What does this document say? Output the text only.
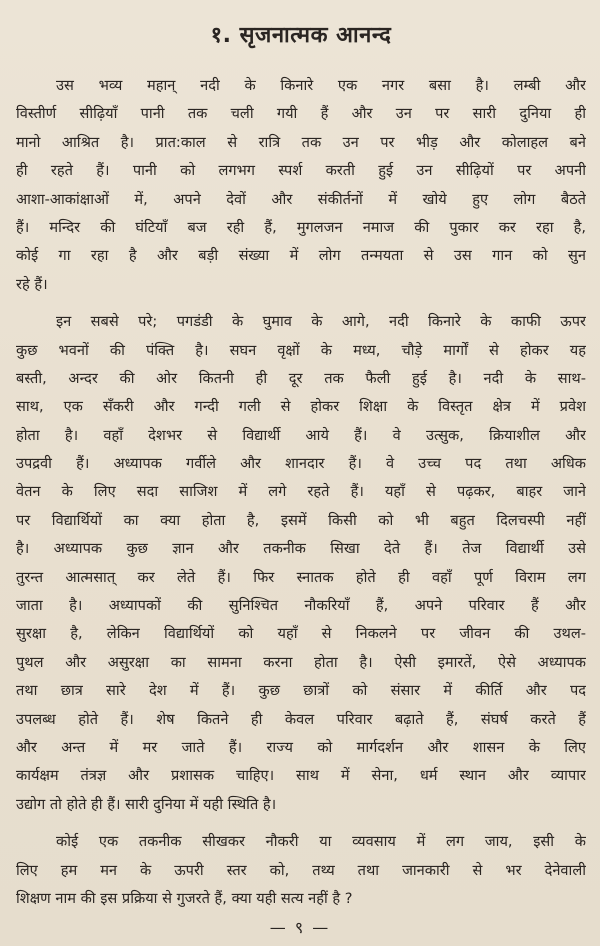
१. सृजनात्मक आनन्द
उस भव्य महान् नदी के किनारे एक नगर बसा है। लम्बी और
विस्तीर्ण सीढ़ियाँ पानी तक चली गयी हैं और उन पर सारी दुनिया ही
मानो आश्रित है। प्रात:काल से रात्रि तक उन पर भीड़ और कोलाहल बने
ही रहते हैं। पानी को लगभग स्पर्श करती हुई उन सीढ़ियों पर अपनी
आशा-आकांक्षाओं में, अपने देवों और संकीर्तनों में खोये हुए लोग बैठते
हैं। मन्दिर की घंटियाँ बज रही हैं, मुगलजन नमाज की पुकार कर रहा है,
कोई गा रहा है और बड़ी संख्या में लोग तन्मयता से उस गान को सुन
रहे हैं।
इन सबसे परे; पगडंडी के घुमाव के आगे, नदी किनारे के काफी ऊपर
कुछ भवनों की पंक्ति है। सघन वृक्षों के मध्य, चौड़े मार्गों से होकर यह
बस्ती, अन्दर की ओर कितनी ही दूर तक फैली हुई है। नदी के साथ-
साथ, एक सँकरी और गन्दी गली से होकर शिक्षा के विस्तृत क्षेत्र में प्रवेश
होता है। वहाँ देशभर से विद्यार्थी आये हैं। वे उत्सुक, क्रियाशील और
उपद्रवी हैं। अध्यापक गर्वीले और शानदार हैं। वे उच्च पद तथा अधिक
वेतन के लिए सदा साजिश में लगे रहते हैं। यहाँ से पढ़कर, बाहर जाने
पर विद्यार्थियों का क्या होता है, इसमें किसी को भी बहुत दिलचस्पी नहीं
है। अध्यापक कुछ ज्ञान और तकनीक सिखा देते हैं। तेज विद्यार्थी उसे
तुरन्त आत्मसात् कर लेते हैं। फिर स्नातक होते ही वहाँ पूर्ण विराम लग
जाता है। अध्यापकों की सुनिश्चित नौकरियाँ हैं, अपने परिवार हैं और
सुरक्षा है, लेकिन विद्यार्थियों को यहाँ से निकलने पर जीवन की उथल-
पुथल और असुरक्षा का सामना करना होता है। ऐसी इमारतें, ऐसे अध्यापक
तथा छात्र सारे देश में हैं। कुछ छात्रों को संसार में कीर्ति और पद
उपलब्ध होते हैं। शेष कितने ही केवल परिवार बढ़ाते हैं, संघर्ष करते हैं
और अन्त में मर जाते हैं। राज्य को मार्गदर्शन और शासन के लिए
कार्यक्षम तंत्रज्ञ और प्रशासक चाहिए। साथ में सेना, धर्म स्थान और व्यापार
उद्योग तो होते ही हैं। सारी दुनिया में यही स्थिति है।
कोई एक तकनीक सीखकर नौकरी या व्यवसाय में लग जाय, इसी के
लिए हम मन के ऊपरी स्तर को, तथ्य तथा जानकारी से भर देनेवाली
शिक्षण नाम की इस प्रक्रिया से गुजरते हैं, क्या यही सत्य नहीं है ?
— ९ —
